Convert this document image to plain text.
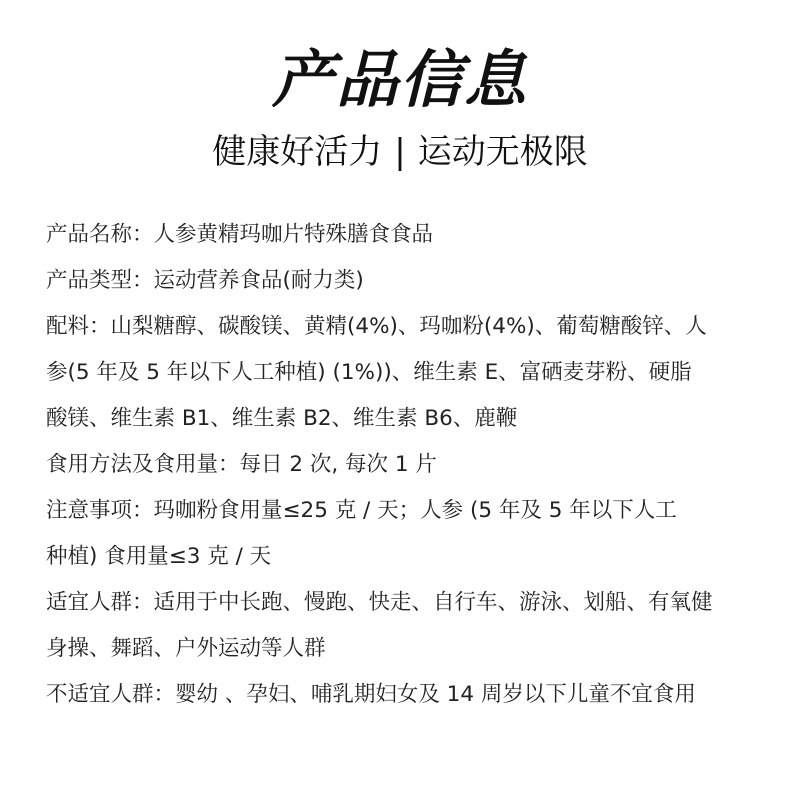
产品信息
健康好活力 | 运动无极限
产品名称：人参黄精玛咖片特殊膳食食品
产品类型：运动营养食品(耐力类)
配料：山梨糖醇、碳酸镁、黄精(4%)、玛咖粉(4%)、葡萄糖酸锌、人
参(5 年及 5 年以下人工种植) (1%))、维生素 E、富硒麦芽粉、硬脂
酸镁、维生素 B1、维生素 B2、维生素 B6、鹿鞭
食用方法及食用量：每日 2 次, 每次 1 片
注意事项：玛咖粉食用量≤25 克 / 天；人参 (5 年及 5 年以下人工
种植) 食用量≤3 克 / 天
适宜人群：适用于中长跑、慢跑、快走、自行车、游泳、划船、有氧健
身操、舞蹈、户外运动等人群
不适宜人群：婴幼 、孕妇、哺乳期妇女及 14 周岁以下儿童不宜食用
